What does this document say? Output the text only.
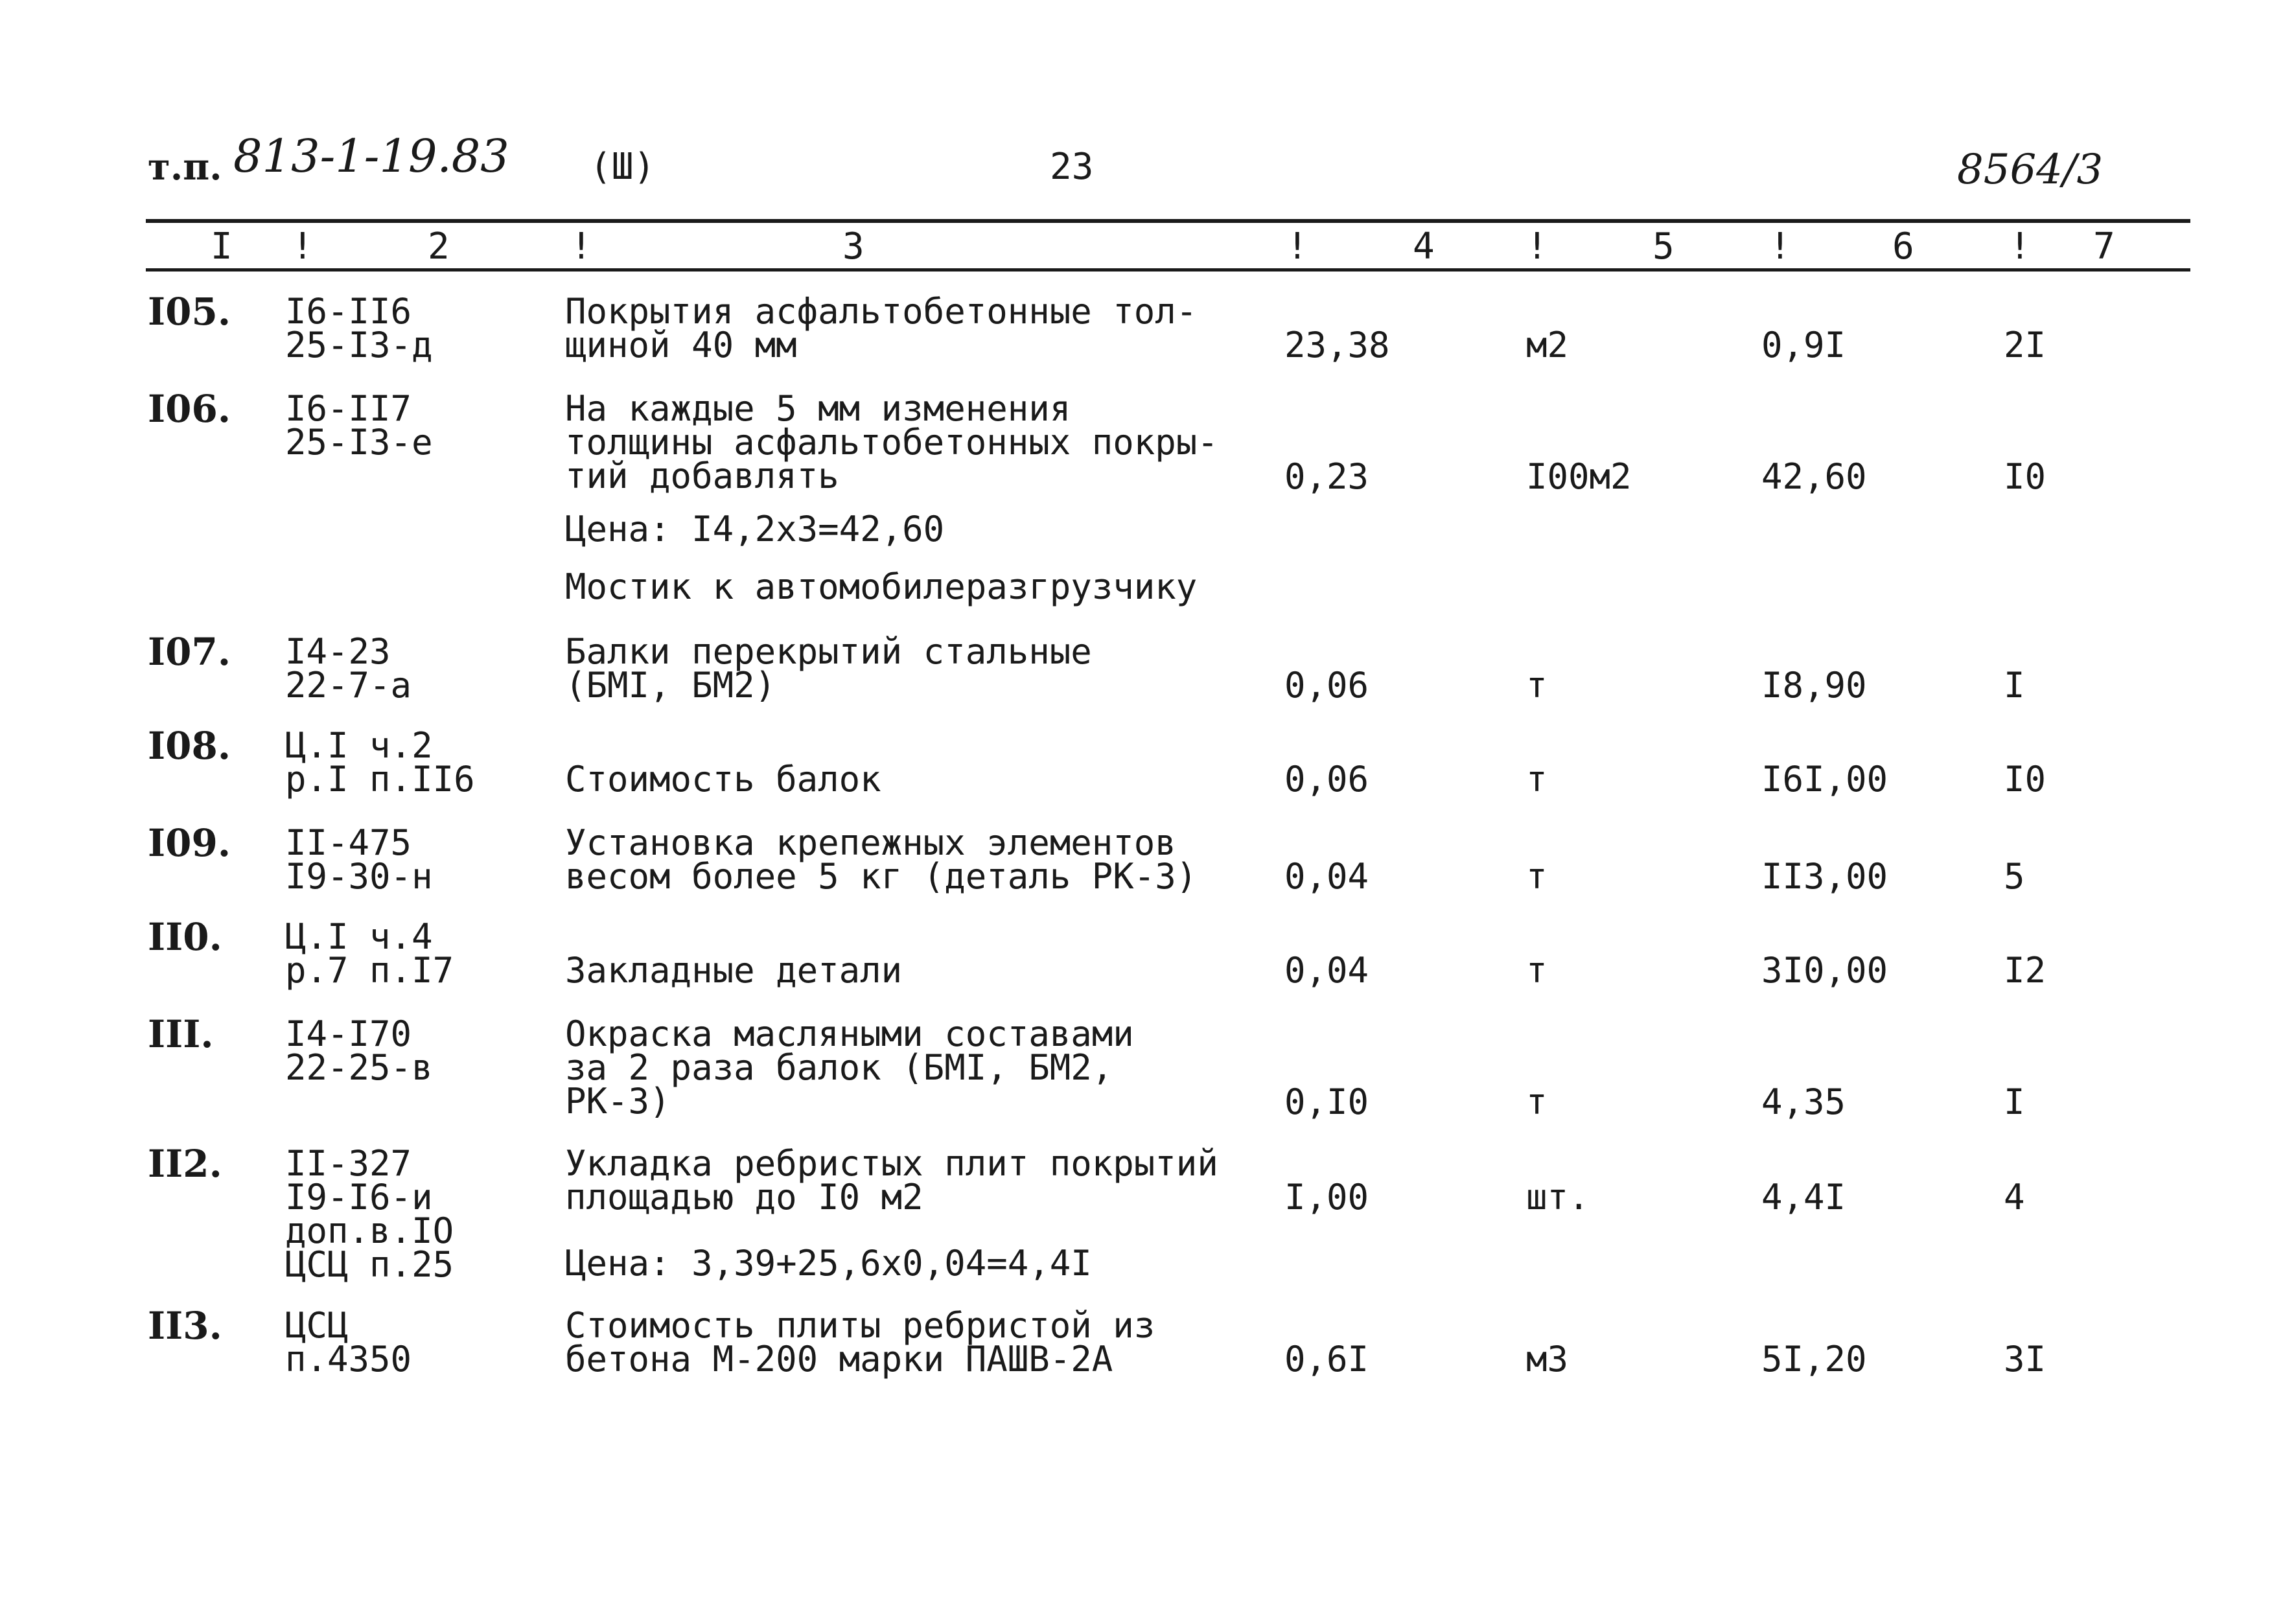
т.п. 813-1-19.83 (Ш)	23	8564/3
I	2	3	4	5	6	7
!	!	!	!	!	!
I05. I6-II6
25-I3-д
Покрытия асфальтобетонные тол-
щиной 40 мм	23,38	м2	0,9I	2I
I06. I6-II7
25-I3-е
На каждые 5 мм изменения
толщины асфальтобетонных покры-
тий добавлять	0,23	I00м2	42,60	I0
Цена: I4,2х3=42,60
Мостик к автомобилеразгрузчику
I07. I4-23
22-7-а
Балки перекрытий стальные
(БМI, БМ2)	0,06	т	I8,90	I
I08. Ц.I ч.2
р.I п.II6	
Стоимость балок	0,06	т	I6I,00	I0
I09. II-475
I9-30-н
Установка крепежных элементов
весом более 5 кг (деталь РК-3) 0,04	т	II3,00	5
II0. Ц.I ч.4
р.7 п.I7	
Закладные детали	0,04	т	3I0,00	I2
III. I4-I70
22-25-в
Окраска масляными составами
за 2 раза балок (БМI, БМ2,
РК-3)	0,I0	т	4,35	I
II2. II-327
I9-I6-и
доп.в.IO
ЦСЦ п.25
Укладка ребристых плит покрытий
площадью до I0 м2	I,00	шт.	4,4I	4
Цена: 3,39+25,6х0,04=4,4I
II3. ЦСЦ
п.4350
Стоимость плиты ребристой из
бетона М-200 марки ПАШВ-2А	0,6I	м3	5I,20	3I
